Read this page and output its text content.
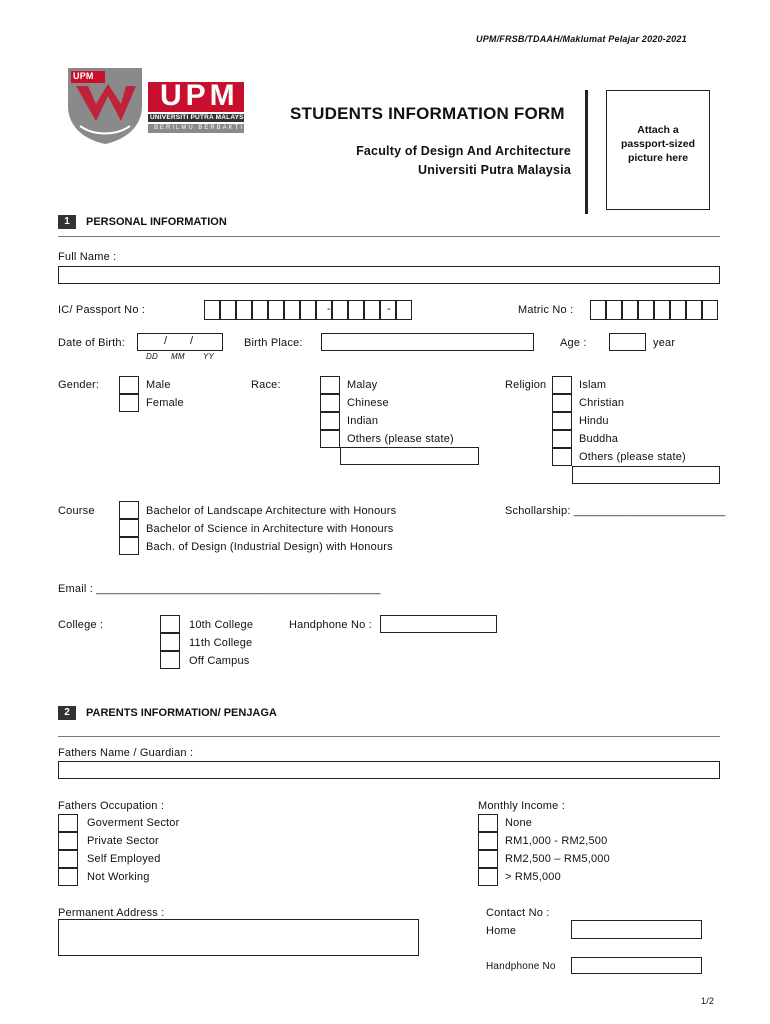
UPM/FRSB/TDAAH/Maklumat Pelajar 2020-2021
UPM
UPM
UNIVERSITI PUTRA MALAYSIA
BERILMU BERBAKTI
STUDENTS INFORMATION FORM
Faculty of Design And Architecture
Universiti Putra Malaysia
Attach a passport-sized picture here
1	PERSONAL INFORMATION
Full Name :
IC/ Passport No :	-	-	Matric No :
Date of Birth:	/ /
DD MM YY
Birth Place:	Age :	year
Gender:	Male
Female
Race:	Malay
Chinese
Indian
Others (please state)
Religion	Islam
Christian
Hindu
Buddha
Others (please state)
Course	Bachelor of Landscape Architecture with Honours
Bachelor of Science in Architecture with Honours
Bach. of Design (Industrial Design) with Honours
Schollarship: ________________________
Email : _____________________________________________
College :	10th College
11th College
Off Campus
Handphone No :
2	PARENTS INFORMATION/ PENJAGA
Fathers Name / Guardian :
Fathers Occupation :
Goverment Sector
Private Sector
Self Employed
Not Working
Monthly Income :
None
RM1,000 - RM2,500
RM2,500 – RM5,000
> RM5,000
Permanent Address :	Contact No :
Home
Handphone No
1/2
